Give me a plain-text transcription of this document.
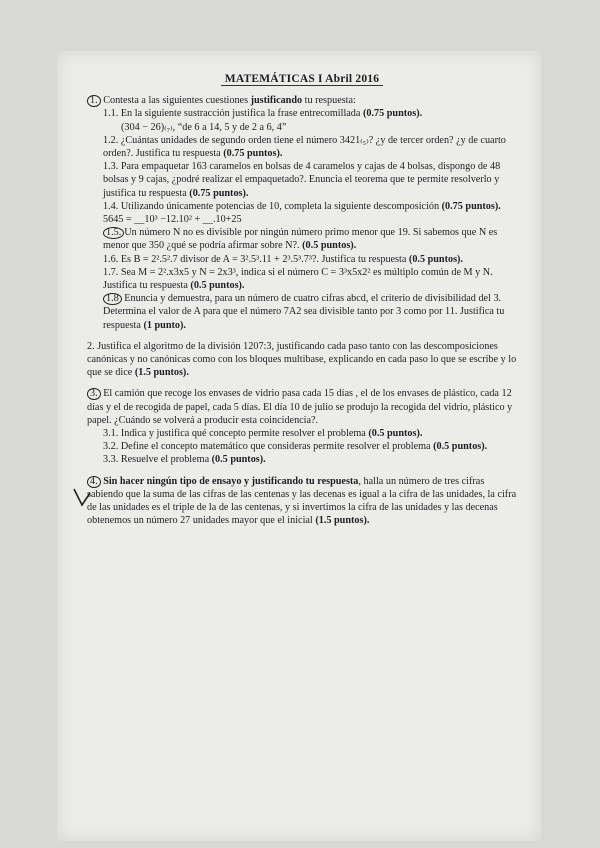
MATEMÁTICAS I Abril 2016

1. Contesta a las siguientes cuestiones justificando tu respuesta:

1.1. En la siguiente sustracción justifica la frase entrecomillada (0.75 puntos).

(304 − 26)₍₇₎, “de 6 a 14, 5 y de 2 a 6, 4”

1.2. ¿Cuántas unidades de segundo orden tiene el número 3421₍₅₎? ¿y de tercer orden? ¿y de cuarto orden?. Justifica tu respuesta (0.75 puntos).

1.3. Para empaquetar 163 caramelos en bolsas de 4 caramelos y cajas de 4 bolsas, dispongo de 48 bolsas y 9 cajas, ¿podré realizar el empaquetado?. Enuncia el teorema que te permite resolverlo y justifica tu respuesta (0.75 puntos).

1.4. Utilizando únicamente potencias de 10, completa la siguiente descomposición (0.75 puntos). 5645 = __10³ −12.10² + __.10+25

1.5. Un número N no es divisible por ningún número primo menor que 19. Si sabemos que N es menor que 350 ¿qué se podría afirmar sobre N?. (0.5 puntos).

1.6. Es B = 2².5².7 divisor de A = 3².5³.11 + 2³.5³.7³?. Justifica tu respuesta (0.5 puntos).

1.7. Sea M = 2².x3x5 y N = 2x3³, indica si el número C = 3³x5x2² es múltiplo común de M y N. Justifica tu respuesta (0.5 puntos).

1.8 Enuncia y demuestra, para un número de cuatro cifras abcd, el criterio de divisibilidad del 3. Determina el valor de A para que el número 7A2 sea divisible tanto por 3 como por 11. Justifica tu respuesta (1 punto).

2. Justifica el algoritmo de la división 1207:3, justificando cada paso tanto con las descomposiciones canónicas y no canónicas como con los bloques multibase, explicando en cada paso lo que se escribe y lo que se dice (1.5 puntos).

3. El camión que recoge los envases de vidrio pasa cada 15 días , el de los envases de plástico, cada 12 días y el de recogida de papel, cada 5 días. El día 10 de julio se produjo la recogida del vidrio, plástico y papel. ¿Cuándo se volverá a producir esta coincidencia?.

3.1. Indica y justifica qué concepto permite resolver el problema (0.5 puntos).

3.2. Define el concepto matemático que consideras permite resolver el problema (0.5 puntos).

3.3. Resuelve el problema (0.5 puntos).

4. Sin hacer ningún tipo de ensayo y justificando tu respuesta, halla un número de tres cifras sabiendo que la suma de las cifras de las centenas y las decenas es igual a la cifra de las unidades, la cifra de las unidades es el triple de la de las centenas, y si invertimos la cifra de las unidades y las decenas obtenemos un número 27 unidades mayor que el inicial (1.5 puntos).
